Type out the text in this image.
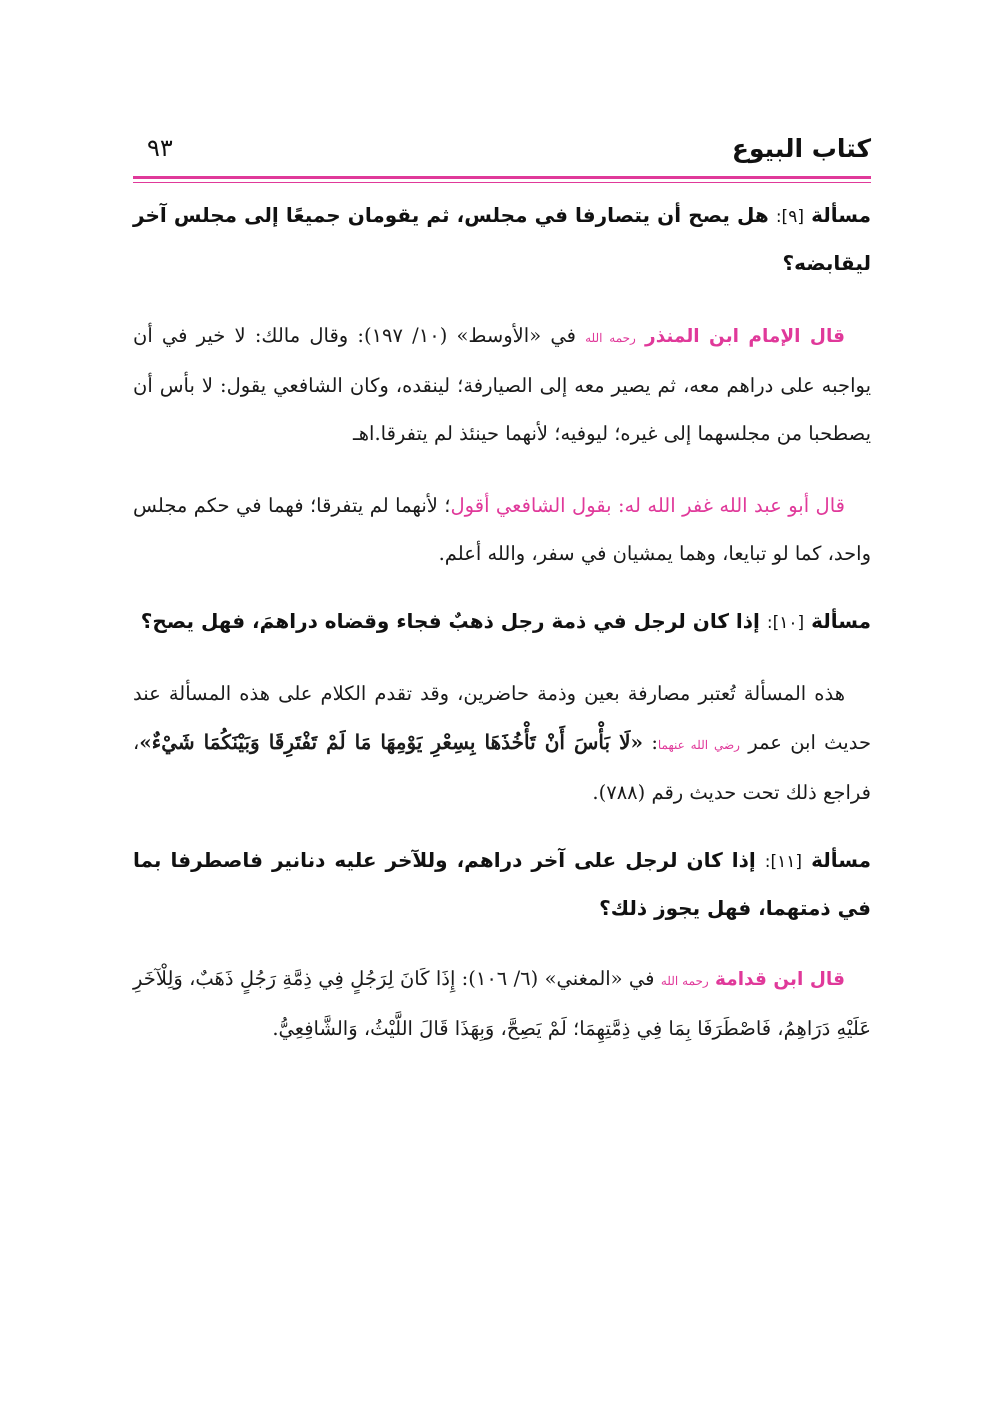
كتاب البيوع
٩٣

مسألة [٩]: هل يصح أن يتصارفا في مجلس، ثم يقومان جميعًا إلى مجلس آخر ليقابضه؟

قال الإمام ابن المنذر رحمه الله في «الأوسط» (١٠/ ١٩٧): وقال مالك: لا خير في أن يواجبه على دراهم معه، ثم يصير معه إلى الصيارفة؛ لينقده، وكان الشافعي يقول: لا بأس أن يصطحبا من مجلسهما إلى غيره؛ ليوفيه؛ لأنهما حينئذ لم يتفرقا.اهـ

قال أبو عبد الله غفر الله له: بقول الشافعي أقول؛ لأنهما لم يتفرقا؛ فهما في حكم مجلس واحد، كما لو تبايعا، وهما يمشيان في سفر، والله أعلم.

مسألة [١٠]: إذا كان لرجل في ذمة رجل ذهبٌ فجاء وقضاه دراهمَ، فهل يصح؟

هذه المسألة تُعتبر مصارفة بعين وذمة حاضرين، وقد تقدم الكلام على هذه المسألة عند حديث ابن عمر رضي الله عنهما: «لَا بَأْسَ أَنْ تَأْخُذَهَا بِسِعْرِ يَوْمِهَا مَا لَمْ تَفْتَرِقَا وَبَيْنَكُمَا شَيْءٌ»، فراجع ذلك تحت حديث رقم (٧٨٨).

مسألة [١١]: إذا كان لرجل على آخر دراهم، وللآخر عليه دنانير فاصطرفا بما في ذمتهما، فهل يجوز ذلك؟

قال ابن قدامة رحمه الله في «المغني» (٦/ ١٠٦): إِذَا كَانَ لِرَجُلٍ فِي ذِمَّةِ رَجُلٍ ذَهَبٌ، وَلِلْآخَرِ عَلَيْهِ دَرَاهِمُ، فَاصْطَرَفَا بِمَا فِي ذِمَّتِهِمَا؛ لَمْ يَصِحَّ، وَبِهَذَا قَالَ اللَّيْثُ، وَالشَّافِعِيُّ.
